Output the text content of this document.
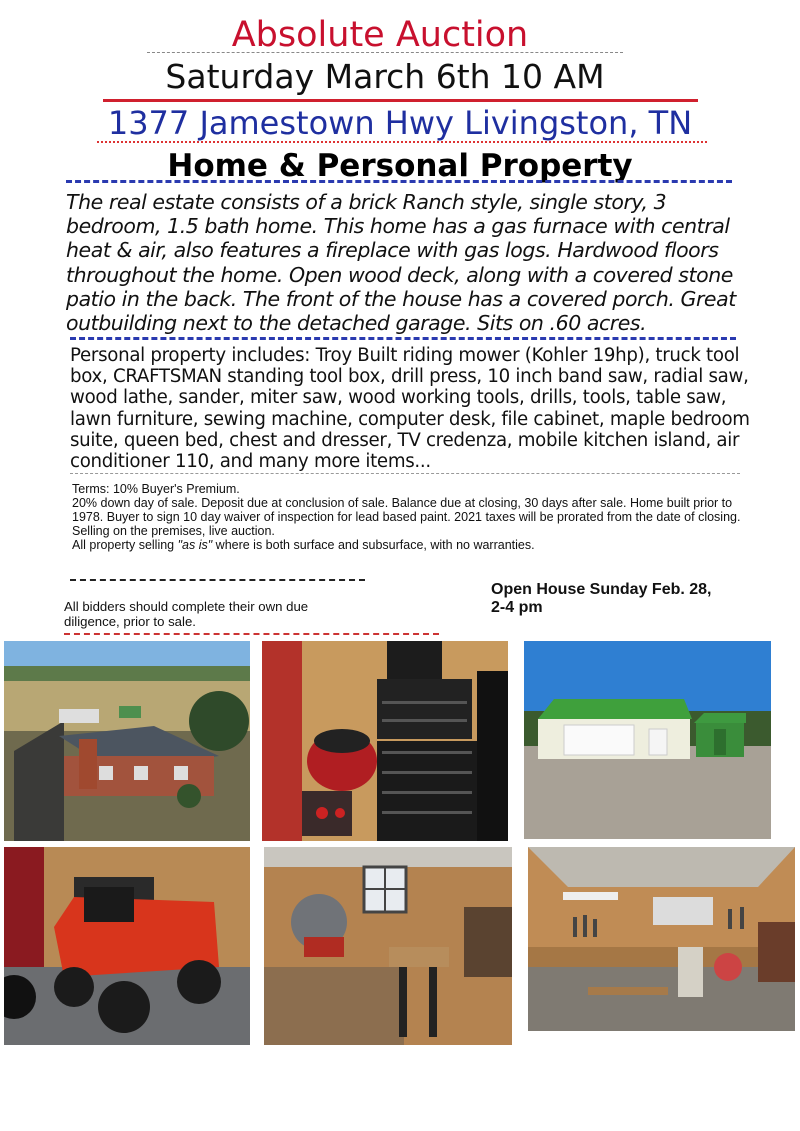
Absolute Auction
Saturday March 6th 10 AM
1377 Jamestown Hwy Livingston, TN
Home & Personal Property
The real estate consists of a brick Ranch style, single story, 3 bedroom, 1.5 bath home. This home has a gas furnace with central heat & air, also features a fireplace with gas logs. Hardwood floors throughout the home. Open wood deck, along with a covered stone patio in the back. The front of the house has a covered porch. Great outbuilding next to the detached garage. Sits on .60 acres.
Personal property includes: Troy Built riding mower (Kohler 19hp), truck tool box, CRAFTSMAN standing tool box, drill press, 10 inch band saw, radial saw, wood lathe, sander, miter saw, wood working tools, drills, tools, table saw, lawn furniture, sewing machine, computer desk, file cabinet, maple bedroom suite, queen bed, chest and dresser, TV credenza, mobile kitchen island, air conditioner 110, and many more items...

Terms: 10% Buyer's Premium.

20% down day of sale. Deposit due at conclusion of sale. Balance due at closing, 30 days after sale. Home built prior to 1978. Buyer to sign 10 day waiver of inspection for lead based paint. 2021 taxes will be prorated from the date of closing.

Selling on the premises, live auction.

All property selling "as is" where is both surface and subsurface, with no warranties.

Open House Sunday Feb. 28, 2-4 pm
All bidders should complete their own due diligence, prior to sale.
